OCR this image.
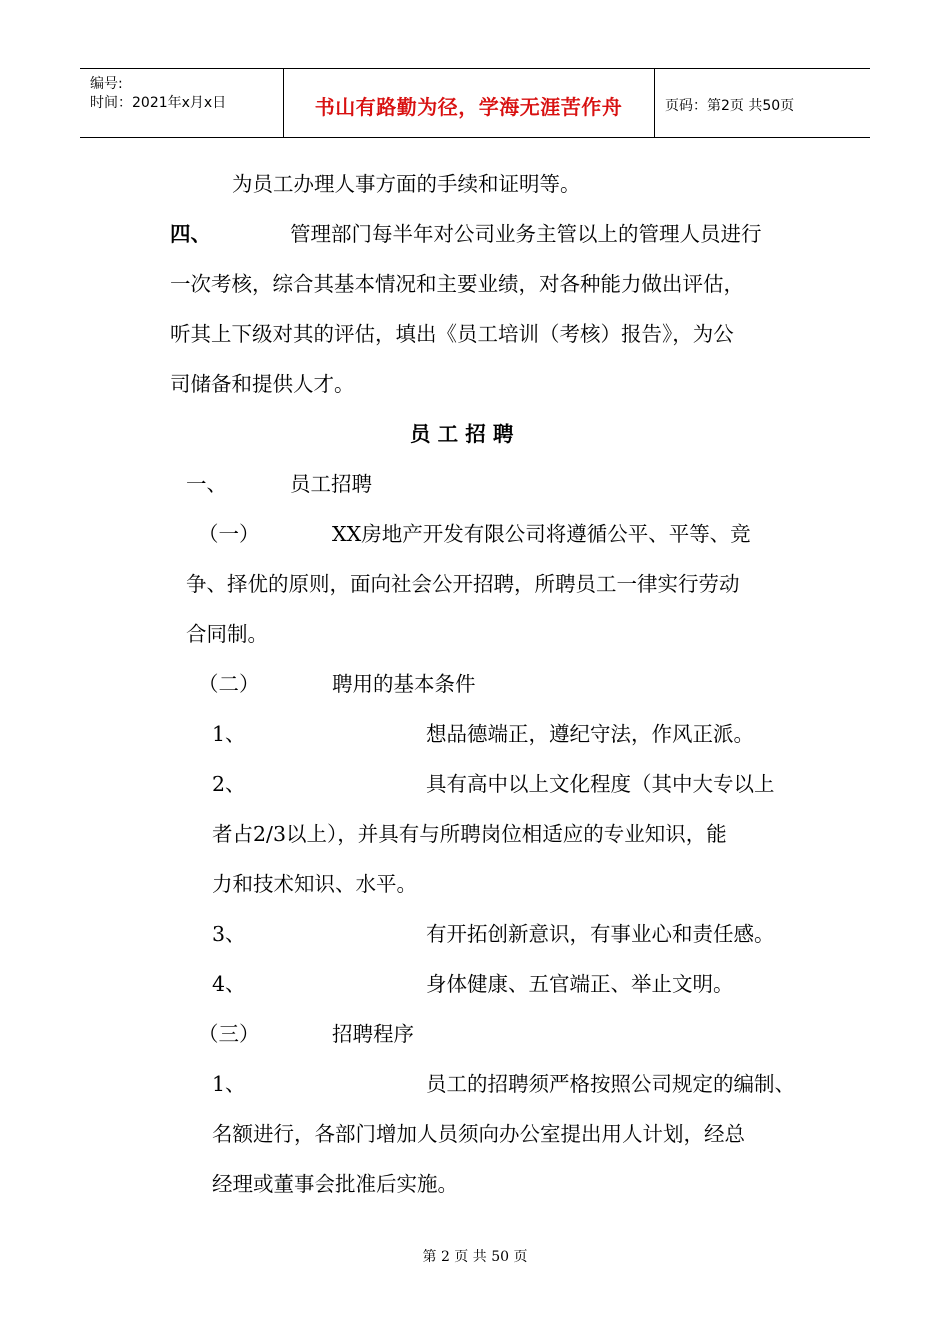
编号:
时间：2021年x月x日	书山有路勤为径，学海无涯苦作舟	页码：第2页 共50页
为员工办理人事方面的手续和证明等。
四、	管理部门每半年对公司业务主管以上的管理人员进行
一次考核，综合其基本情况和主要业绩，对各种能力做出评估，
听其上下级对其的评估，填出《员工培训（考核）报告》，为公
司储备和提供人才。
员 工 招 聘
一、	员工招聘
（一）	XX房地产开发有限公司将遵循公平、平等、竞
争、择优的原则，面向社会公开招聘，所聘员工一律实行劳动
合同制。
（二）	聘用的基本条件
1、	想品德端正，遵纪守法，作风正派。
2、	具有高中以上文化程度（其中大专以上
者占2/3以上），并具有与所聘岗位相适应的专业知识，能
力和技术知识、水平。
3、	有开拓创新意识，有事业心和责任感。
4、	身体健康、五官端正、举止文明。
（三）	招聘程序
1、	员工的招聘须严格按照公司规定的编制、
名额进行，各部门增加人员须向办公室提出用人计划，经总
经理或董事会批准后实施。
第 2 页 共 50 页
